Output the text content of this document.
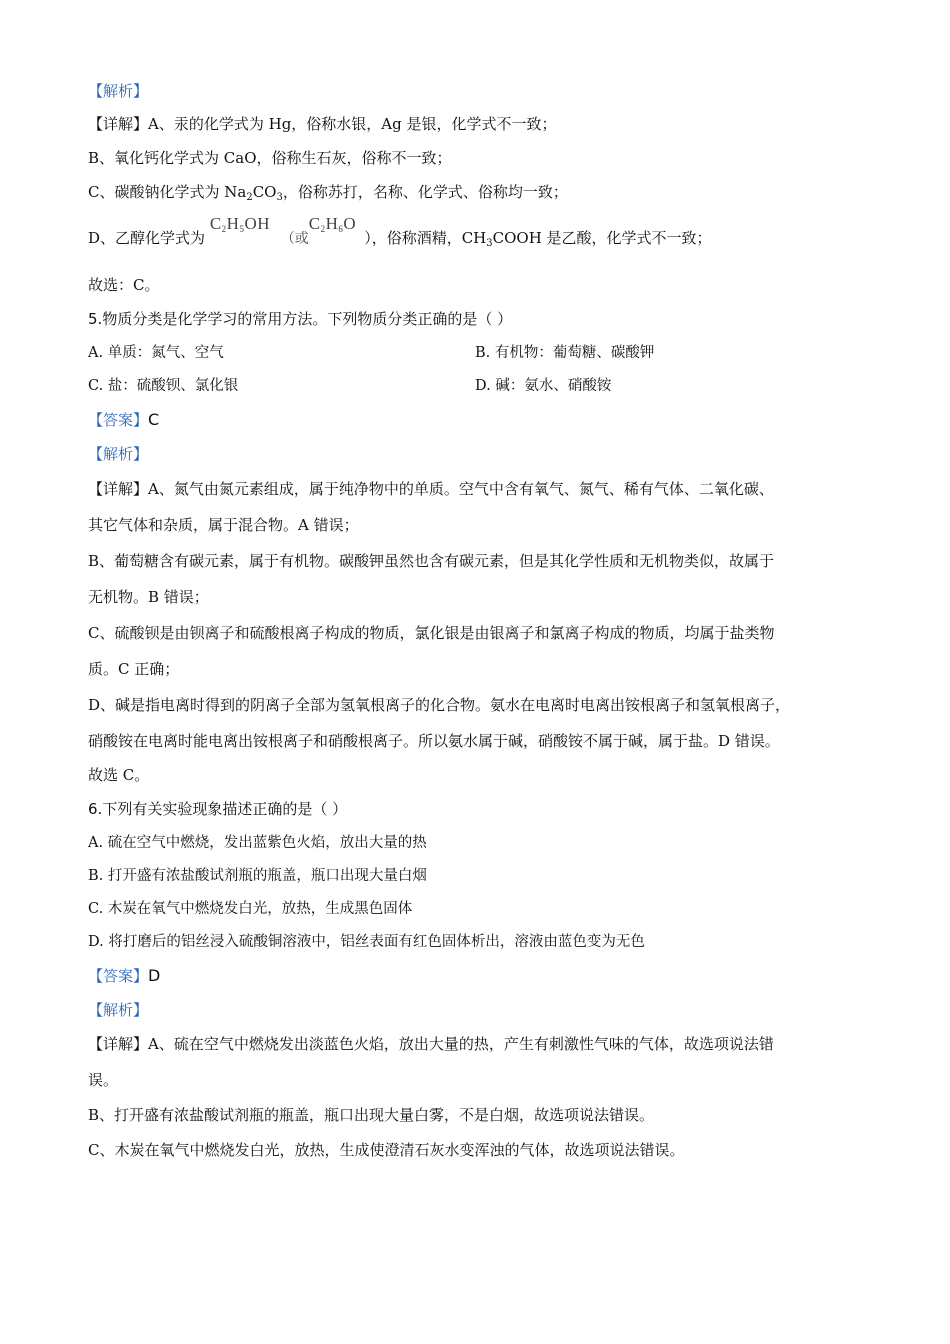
【解析】
【详解】A、汞的化学式为 Hg，俗称水银，Ag 是银，化学式不一致；
B、氧化钙化学式为 CaO，俗称生石灰，俗称不一致；
C、碳酸钠化学式为 $Na_2CO_3$，俗称苏打，名称、化学式、俗称均一致；
D、乙醇化学式为 $C_2H_5OH$ （或$C_2H_6O$），俗称酒精，$CH_3COOH$ 是乙酸，化学式不一致；
故选：C。
5.物质分类是化学学习的常用方法。下列物质分类正确的是（ ）
A. 单质：氮气、空气	B. 有机物：葡萄糖、碳酸钾
C. 盐：硫酸钡、氯化银	D. 碱：氨水、硝酸铵
【答案】C
【解析】
【详解】A、氮气由氮元素组成，属于纯净物中的单质。空气中含有氧气、氮气、稀有气体、二氧化碳、
其它气体和杂质，属于混合物。A 错误；
B、葡萄糖含有碳元素，属于有机物。碳酸钾虽然也含有碳元素，但是其化学性质和无机物类似，故属于
无机物。B 错误；
C、硫酸钡是由钡离子和硫酸根离子构成的物质，氯化银是由银离子和氯离子构成的物质，均属于盐类物
质。C 正确；
D、碱是指电离时得到的阴离子全部为氢氧根离子的化合物。氨水在电离时电离出铵根离子和氢氧根离子，
硝酸铵在电离时能电离出铵根离子和硝酸根离子。所以氨水属于碱，硝酸铵不属于碱，属于盐。D 错误。
故选 C。
6.下列有关实验现象描述正确的是（ ）
A. 硫在空气中燃烧，发出蓝紫色火焰，放出大量的热
B. 打开盛有浓盐酸试剂瓶的瓶盖，瓶口出现大量白烟
C. 木炭在氧气中燃烧发白光，放热，生成黑色固体
D. 将打磨后的铝丝浸入硫酸铜溶液中，铝丝表面有红色固体析出，溶液由蓝色变为无色
【答案】D
【解析】
【详解】A、硫在空气中燃烧发出淡蓝色火焰，放出大量的热，产生有刺激性气味的气体，故选项说法错
误。
B、打开盛有浓盐酸试剂瓶的瓶盖，瓶口出现大量白雾，不是白烟，故选项说法错误。
C、木炭在氧气中燃烧发白光，放热，生成使澄清石灰水变浑浊的气体，故选项说法错误。
